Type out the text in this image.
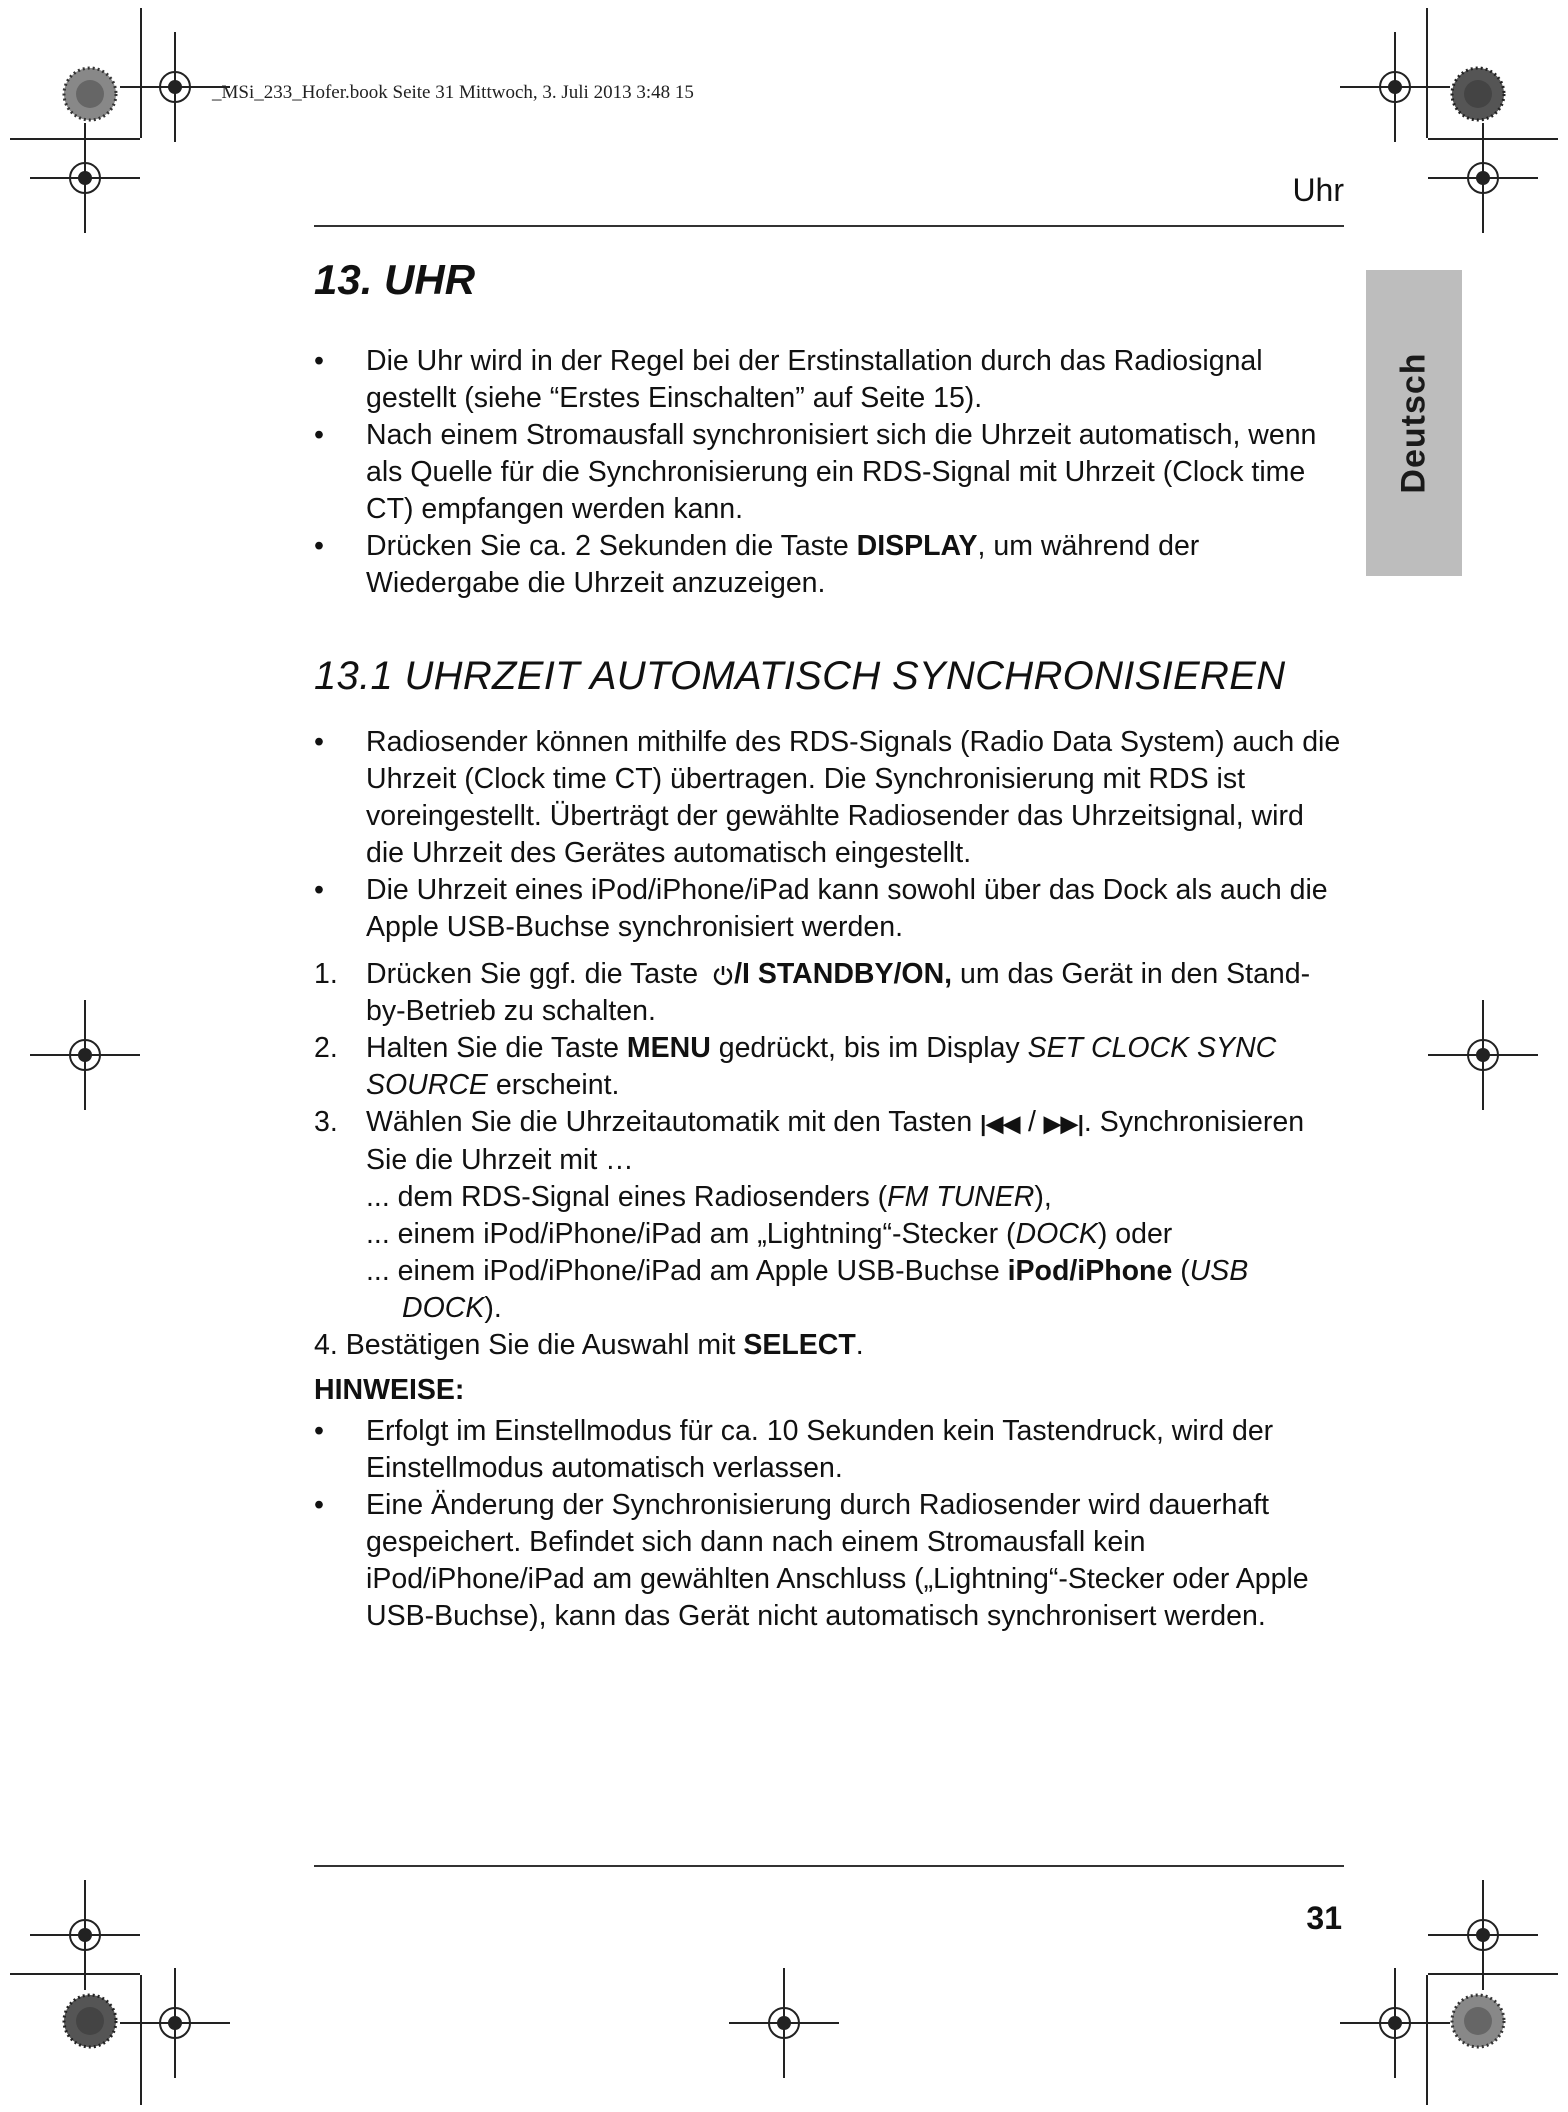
_MSi_233_Hofer.book Seite 31 Mittwoch, 3. Juli 2013 3:48 15
Uhr
Deutsch
13. UHR

• Die Uhr wird in der Regel bei der Erstinstallation durch das Radiosignal gestellt (siehe “Erstes Einschalten” auf Seite 15).

• Nach einem Stromausfall synchronisiert sich die Uhrzeit automatisch, wenn als Quelle für die Synchronisierung ein RDS-Signal mit Uhrzeit (Clock time CT) empfangen werden kann.

• Drücken Sie ca. 2 Sekunden die Taste DISPLAY, um während der Wiedergabe die Uhrzeit anzuzeigen.

13.1 UHRZEIT AUTOMATISCH SYNCHRONISIEREN

• Radiosender können mithilfe des RDS-Signals (Radio Data System) auch die Uhrzeit (Clock time CT) übertragen. Die Synchronisierung mit RDS ist voreingestellt. Überträgt der gewählte Radiosender das Uhrzeitsignal, wird die Uhrzeit des Gerätes automatisch eingestellt.

• Die Uhrzeit eines iPod/iPhone/iPad kann sowohl über das Dock als auch die Apple USB-Buchse synchronisiert werden.

1. Drücken Sie ggf. die Taste /I STANDBY/ON, um das Gerät in den Stand-by-Betrieb zu schalten.

2. Halten Sie die Taste MENU gedrückt, bis im Display SET CLOCK SYNC SOURCE erscheint.

3. Wählen Sie die Uhrzeitautomatik mit den Tasten |◀◀ / ▶▶|. Synchronisieren Sie die Uhrzeit mit …

... dem RDS-Signal eines Radiosenders (FM TUNER),

... einem iPod/iPhone/iPad am „Lightning“-Stecker (DOCK) oder

... einem iPod/iPhone/iPad am Apple USB-Buchse iPod/iPhone (USB DOCK).

4. Bestätigen Sie die Auswahl mit SELECT.

HINWEISE:

• Erfolgt im Einstellmodus für ca. 10 Sekunden kein Tastendruck, wird der Einstellmodus automatisch verlassen.

• Eine Änderung der Synchronisierung durch Radiosender wird dauerhaft gespeichert. Befindet sich dann nach einem Stromausfall kein iPod/iPhone/iPad am gewählten Anschluss („Lightning“-Stecker oder Apple USB-Buchse), kann das Gerät nicht automatisch synchronisert werden.

31
